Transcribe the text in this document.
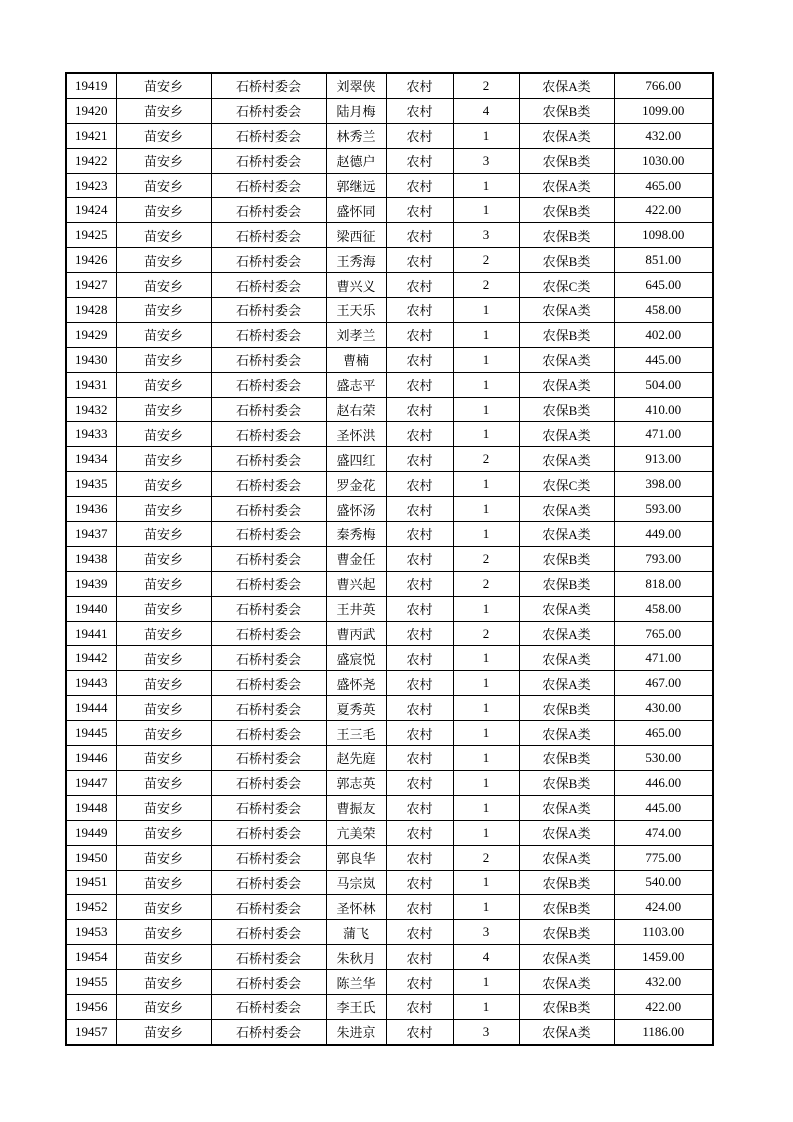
19419	苗安乡	石桥村委会	刘翠侠	农村	2	农保A类	766.00
19420	苗安乡	石桥村委会	陆月梅	农村	4	农保B类	1099.00
19421	苗安乡	石桥村委会	林秀兰	农村	1	农保A类	432.00
19422	苗安乡	石桥村委会	赵德户	农村	3	农保B类	1030.00
19423	苗安乡	石桥村委会	郭继远	农村	1	农保A类	465.00
19424	苗安乡	石桥村委会	盛怀同	农村	1	农保B类	422.00
19425	苗安乡	石桥村委会	梁西征	农村	3	农保B类	1098.00
19426	苗安乡	石桥村委会	王秀海	农村	2	农保B类	851.00
19427	苗安乡	石桥村委会	曹兴义	农村	2	农保C类	645.00
19428	苗安乡	石桥村委会	王天乐	农村	1	农保A类	458.00
19429	苗安乡	石桥村委会	刘孝兰	农村	1	农保B类	402.00
19430	苗安乡	石桥村委会	曹楠	农村	1	农保A类	445.00
19431	苗安乡	石桥村委会	盛志平	农村	1	农保A类	504.00
19432	苗安乡	石桥村委会	赵右荣	农村	1	农保B类	410.00
19433	苗安乡	石桥村委会	圣怀洪	农村	1	农保A类	471.00
19434	苗安乡	石桥村委会	盛四红	农村	2	农保A类	913.00
19435	苗安乡	石桥村委会	罗金花	农村	1	农保C类	398.00
19436	苗安乡	石桥村委会	盛怀汤	农村	1	农保A类	593.00
19437	苗安乡	石桥村委会	秦秀梅	农村	1	农保A类	449.00
19438	苗安乡	石桥村委会	曹金任	农村	2	农保B类	793.00
19439	苗安乡	石桥村委会	曹兴起	农村	2	农保B类	818.00
19440	苗安乡	石桥村委会	王井英	农村	1	农保A类	458.00
19441	苗安乡	石桥村委会	曹丙武	农村	2	农保A类	765.00
19442	苗安乡	石桥村委会	盛宸悦	农村	1	农保A类	471.00
19443	苗安乡	石桥村委会	盛怀尧	农村	1	农保A类	467.00
19444	苗安乡	石桥村委会	夏秀英	农村	1	农保B类	430.00
19445	苗安乡	石桥村委会	王三毛	农村	1	农保A类	465.00
19446	苗安乡	石桥村委会	赵先庭	农村	1	农保B类	530.00
19447	苗安乡	石桥村委会	郭志英	农村	1	农保B类	446.00
19448	苗安乡	石桥村委会	曹振友	农村	1	农保A类	445.00
19449	苗安乡	石桥村委会	亢美荣	农村	1	农保A类	474.00
19450	苗安乡	石桥村委会	郭良华	农村	2	农保A类	775.00
19451	苗安乡	石桥村委会	马宗岚	农村	1	农保B类	540.00
19452	苗安乡	石桥村委会	圣怀林	农村	1	农保B类	424.00
19453	苗安乡	石桥村委会	蒲飞	农村	3	农保B类	1103.00
19454	苗安乡	石桥村委会	朱秋月	农村	4	农保A类	1459.00
19455	苗安乡	石桥村委会	陈兰华	农村	1	农保A类	432.00
19456	苗安乡	石桥村委会	李王氏	农村	1	农保B类	422.00
19457	苗安乡	石桥村委会	朱进京	农村	3	农保A类	1186.00
